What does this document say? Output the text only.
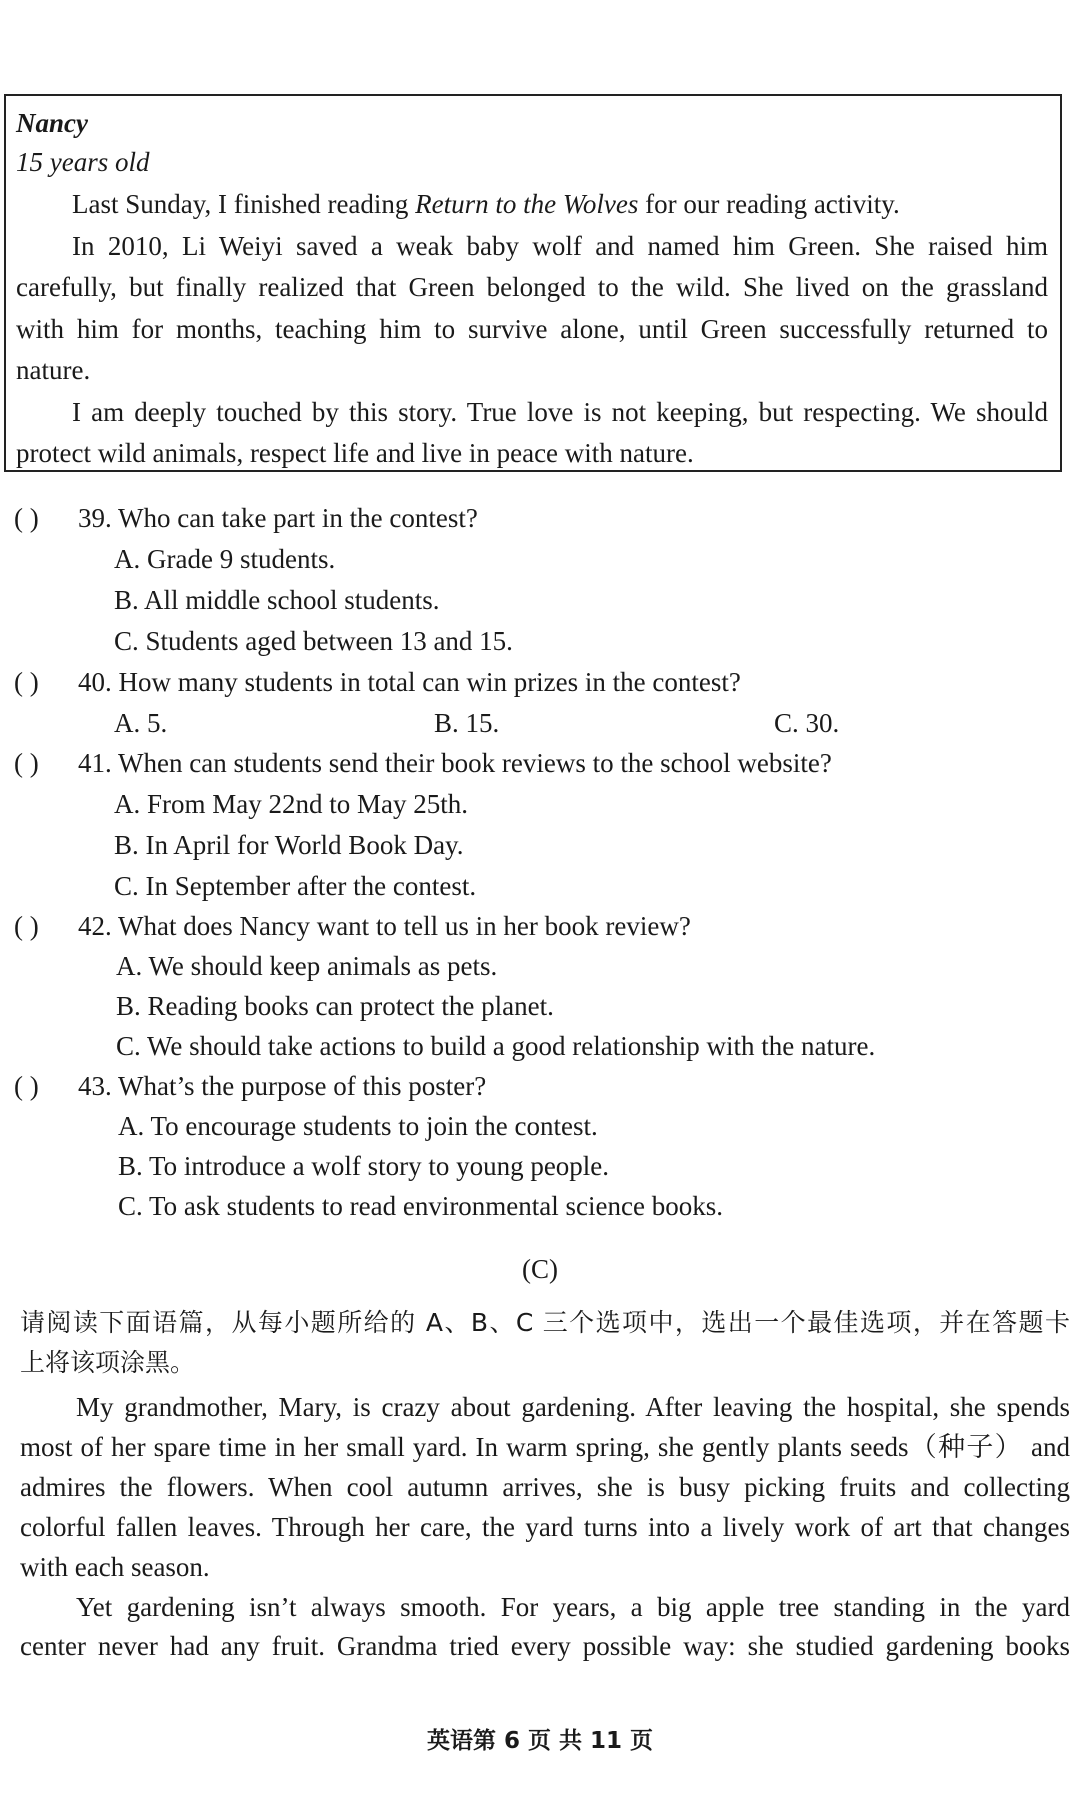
Nancy
15 years old
Last Sunday, I finished reading Return to the Wolves for our reading activity.
In 2010, Li Weiyi saved a weak baby wolf and named him Green. She raised him
carefully, but finally realized that Green belonged to the wild. She lived on the grassland
with him for months, teaching him to survive alone, until Green successfully returned to
nature.
I am deeply touched by this story. True love is not keeping, but respecting. We should
protect wild animals, respect life and live in peace with nature.
( ) 39. Who can take part in the contest?
A. Grade 9 students.
B. All middle school students.
C. Students aged between 13 and 15.
( ) 40. How many students in total can win prizes in the contest?
A. 5.	B. 15.	C. 30.
( ) 41. When can students send their book reviews to the school website?
A. From May 22nd to May 25th.
B. In April for World Book Day.
C. In September after the contest.
( ) 42. What does Nancy want to tell us in her book review?
A. We should keep animals as pets.
B. Reading books can protect the planet.
C. We should take actions to build a good relationship with the nature.
( ) 43. What’s the purpose of this poster?
A. To encourage students to join the contest.
B. To introduce a wolf story to young people.
C. To ask students to read environmental science books.
(C)
请阅读下面语篇，从每小题所给的 A、B、C 三个选项中，选出一个最佳选项，并在答题卡
上将该项涂黑。
My grandmother, Mary, is crazy about gardening. After leaving the hospital, she spends
most of her spare time in her small yard. In warm spring, she gently plants seeds（种子） and
admires the flowers. When cool autumn arrives, she is busy picking fruits and collecting
colorful fallen leaves. Through her care, the yard turns into a lively work of art that changes
with each season.
Yet gardening isn’t always smooth. For years, a big apple tree standing in the yard
center never had any fruit. Grandma tried every possible way: she studied gardening books
英语第 6 页 共 11 页
